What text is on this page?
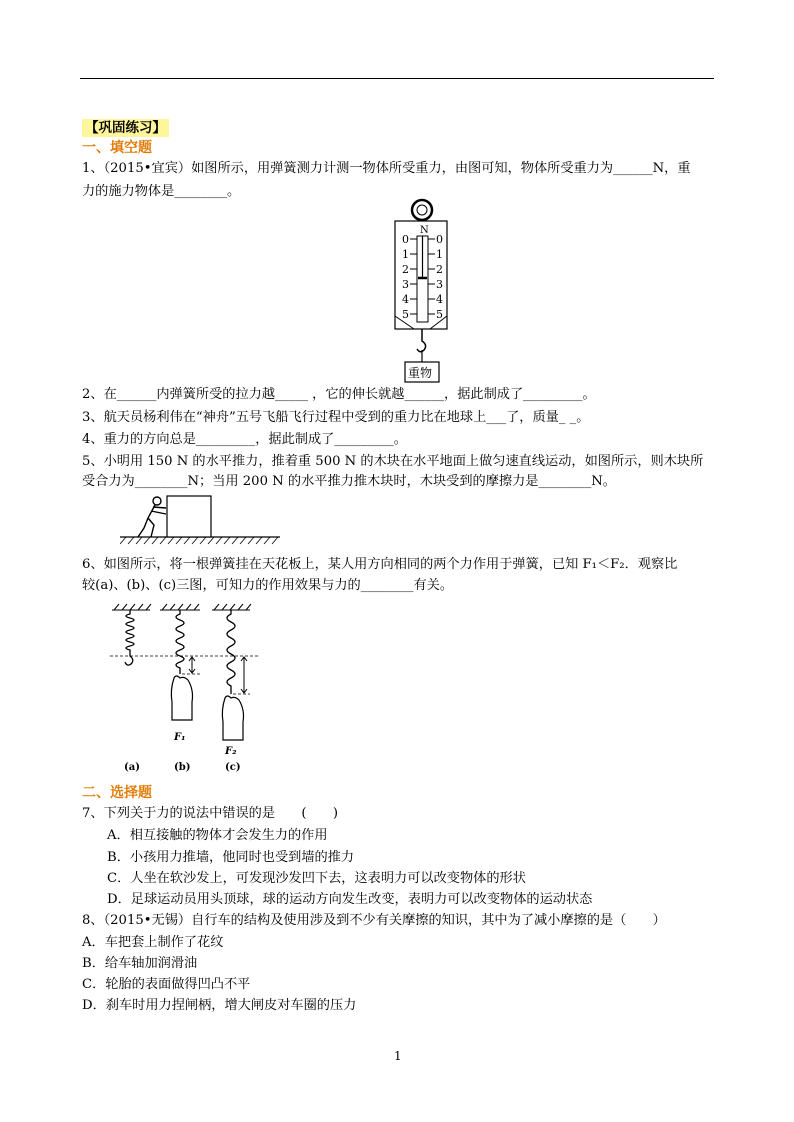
【巩固练习】
一、填空题
1、（2015•宜宾）如图所示，用弹簧测力计测一物体所受重力，由图可知，物体所受重力为______N，重
力的施力物体是________。
N
0
1
2
3
4
5
0
1
2
3
4
5
重物
2、在______内弹簧所受的拉力越_____ ，它的伸长就越______，据此制成了_________。
3、航天员杨利伟在“神舟”五号飞船飞行过程中受到的重力比在地球上___了，质量_ _。
4、重力的方向总是_________，据此制成了_________。
5、小明用 150 N 的水平推力，推着重 500 N 的木块在水平地面上做匀速直线运动，如图所示，则木块所
受合力为________N；当用 200 N 的水平推力推木块时，木块受到的摩擦力是________N。
6、如图所示，将一根弹簧挂在天花板上，某人用方向相同的两个力作用于弹簧，已知 F₁＜F₂．观察比
较(a)、(b)、(c)三图，可知力的作用效果与力的________有关。
F₁
F₂
(a)	(b)	(c)
二、选择题
7、下列关于力的说法中错误的是　　(　　)
A．相互接触的物体才会发生力的作用
B．小孩用力推墙，他同时也受到墙的推力
C．人坐在软沙发上，可发现沙发凹下去，这表明力可以改变物体的形状
D．足球运动员用头顶球，球的运动方向发生改变，表明力可以改变物体的运动状态
8、（2015•无锡）自行车的结构及使用涉及到不少有关摩擦的知识，其中为了减小摩擦的是（　　）
A．车把套上制作了花纹
B．给车轴加润滑油
C．轮胎的表面做得凹凸不平
D．刹车时用力捏闸柄，增大闸皮对车圈的压力
1
